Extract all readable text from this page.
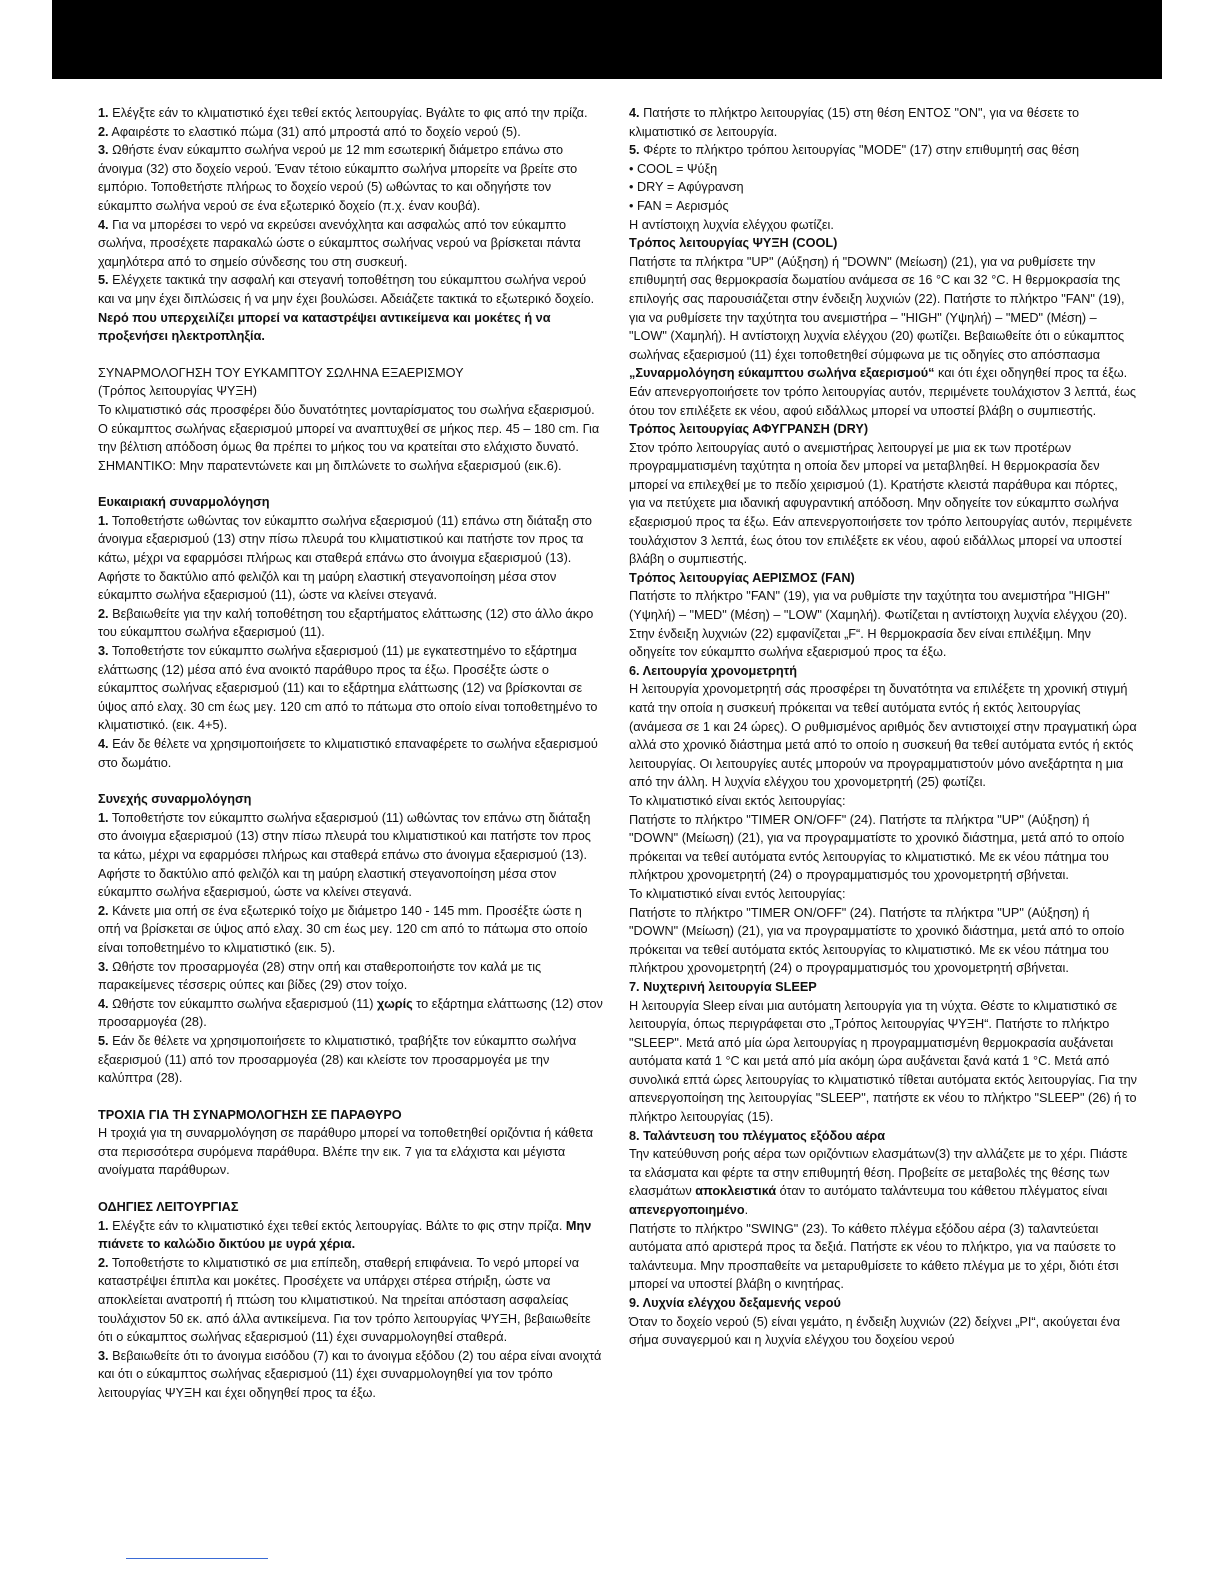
1. Ελέγξτε εάν το κλιματιστικό έχει τεθεί εκτός λειτουργίας. Βγάλτε το φις από την πρίζα.

2. Αφαιρέστε το ελαστικό πώμα (31) από μπροστά από το δοχείο νερού (5).

3. Ωθήστε έναν εύκαμπτο σωλήνα νερού με 12 mm εσωτερική διάμετρο επάνω στο άνοιγμα (32) στο δοχείο νερού. Έναν τέτοιο εύκαμπτο σωλήνα μπορείτε να βρείτε στο εμπόριο. Τοποθετήστε πλήρως το δοχείο νερού (5) ωθώντας το και οδηγήστε τον εύκαμπτο σωλήνα νερού σε ένα εξωτερικό δοχείο (π.χ. έναν κουβά).

4. Για να μπορέσει το νερό να εκρεύσει ανενόχλητα και ασφαλώς από τον εύκαμπτο σωλήνα, προσέχετε παρακαλώ ώστε ο εύκαμπτος σωλήνας νερού να βρίσκεται πάντα χαμηλότερα από το σημείο σύνδεσης του στη συσκευή.

5. Ελέγχετε τακτικά την ασφαλή και στεγανή τοποθέτηση του εύκαμπτου σωλήνα νερού και να μην έχει διπλώσεις ή να μην έχει βουλώσει. Αδειάζετε τακτικά το εξωτερικό δοχείο. Νερό που υπερχειλίζει μπορεί να καταστρέψει αντικείμενα και μοκέτες ή να προξενήσει ηλεκτροπληξία.

ΣΥΝΑΡΜΟΛΟΓΗΣΗ ΤΟΥ ΕΥΚΑΜΠΤΟΥ ΣΩΛΗΝΑ ΕΞΑΕΡΙΣΜΟΥ

(Τρόπος λειτουργίας ΨΥΞΗ)

Το κλιματιστικό σάς προσφέρει δύο δυνατότητες μονταρίσματος του σωλήνα εξαερισμού. Ο εύκαμπτος σωλήνας εξαερισμού μπορεί να αναπτυχθεί σε μήκος περ. 45 – 180 cm. Για την βέλτιση απόδοση όμως θα πρέπει το μήκος του να κρατείται στο ελάχιστο δυνατό. ΣΗΜΑΝΤΙΚΟ: Μην παρατεντώνετε και μη διπλώνετε το σωλήνα εξαερισμού (εικ.6).

Ευκαιριακή συναρμολόγηση

1. Τοποθετήστε ωθώντας τον εύκαμπτο σωλήνα εξαερισμού (11) επάνω στη διάταξη στο άνοιγμα εξαερισμού (13) στην πίσω πλευρά του κλιματιστικού και πατήστε τον προς τα κάτω, μέχρι να εφαρμόσει πλήρως και σταθερά επάνω στο άνοιγμα εξαερισμού (13). Αφήστε το δακτύλιο από φελιζόλ και τη μαύρη ελαστική στεγανοποίηση μέσα στον εύκαμπτο σωλήνα εξαερισμού (11), ώστε να κλείνει στεγανά.

2. Βεβαιωθείτε για την καλή τοποθέτηση του εξαρτήματος ελάττωσης (12) στο άλλο άκρο του εύκαμπτου σωλήνα εξαερισμού (11).

3. Τοποθετήστε τον εύκαμπτο σωλήνα εξαερισμού (11) με εγκατεστημένο το εξάρτημα ελάττωσης (12) μέσα από ένα ανοικτό παράθυρο προς τα έξω. Προσέξτε ώστε ο εύκαμπτος σωλήνας εξαερισμού (11) και το εξάρτημα ελάττωσης (12) να βρίσκονται σε ύψος από ελαχ. 30 cm έως μεγ. 120 cm από το πάτωμα στο οποίο είναι τοποθετημένο το κλιματιστικό. (εικ. 4+5).

4. Εάν δε θέλετε να χρησιμοποιήσετε το κλιματιστικό επαναφέρετε το σωλήνα εξαερισμού στο δωμάτιο.

Συνεχής συναρμολόγηση

1. Τοποθετήστε τον εύκαμπτο σωλήνα εξαερισμού (11) ωθώντας τον επάνω στη διάταξη στο άνοιγμα εξαερισμού (13) στην πίσω πλευρά του κλιματιστικού και πατήστε τον προς τα κάτω, μέχρι να εφαρμόσει πλήρως και σταθερά επάνω στο άνοιγμα εξαερισμού (13). Αφήστε το δακτύλιο από φελιζόλ και τη μαύρη ελαστική στεγανοποίηση μέσα στον εύκαμπτο σωλήνα εξαερισμού, ώστε να κλείνει στεγανά.

2. Κάνετε μια οπή σε ένα εξωτερικό τοίχο με διάμετρο 140 - 145 mm. Προσέξτε ώστε η οπή να βρίσκεται σε ύψος από ελαχ. 30 cm έως μεγ. 120 cm από το πάτωμα στο οποίο είναι τοποθετημένο το κλιματιστικό (εικ. 5).

3. Ωθήστε τον προσαρμογέα (28) στην οπή και σταθεροποιήστε τον καλά με τις παρακείμενες τέσσερις ούπες και βίδες (29) στον τοίχο.

4. Ωθήστε τον εύκαμπτο σωλήνα εξαερισμού (11) χωρίς το εξάρτημα ελάττωσης (12) στον προσαρμογέα (28).

5. Εάν δε θέλετε να χρησιμοποιήσετε το κλιματιστικό, τραβήξτε τον εύκαμπτο σωλήνα εξαερισμού (11) από τον προσαρμογέα (28) και κλείστε τον προσαρμογέα με την καλύπτρα (28).

ΤΡΟΧΙΑ ΓΙΑ ΤΗ ΣΥΝΑΡΜΟΛΟΓΗΣΗ ΣΕ ΠΑΡΑΘΥΡΟ

Η τροχιά για τη συναρμολόγηση σε παράθυρο μπορεί να τοποθετηθεί οριζόντια ή κάθετα στα περισσότερα συρόμενα παράθυρα. Βλέπε την εικ. 7 για τα ελάχιστα και μέγιστα ανοίγματα παράθυρων.

ΟΔΗΓΙΕΣ ΛΕΙΤΟΥΡΓΙΑΣ

1. Ελέγξτε εάν το κλιματιστικό έχει τεθεί εκτός λειτουργίας. Βάλτε το φις στην πρίζα. Μην πιάνετε το καλώδιο δικτύου με υγρά χέρια.

2. Τοποθετήστε το κλιματιστικό σε μια επίπεδη, σταθερή επιφάνεια. Το νερό μπορεί να καταστρέψει έπιπλα και μοκέτες. Προσέχετε να υπάρχει στέρεα στήριξη, ώστε να αποκλείεται ανατροπή ή πτώση του κλιματιστικού. Να τηρείται απόσταση ασφαλείας τουλάχιστον 50 εκ. από άλλα αντικείμενα. Για τον τρόπο λειτουργίας ΨΥΞΗ, βεβαιωθείτε ότι ο εύκαμπτος σωλήνας εξαερισμού (11) έχει συναρμολογηθεί σταθερά.

3. Βεβαιωθείτε ότι το άνοιγμα εισόδου (7) και το άνοιγμα εξόδου (2) του αέρα είναι ανοιχτά και ότι ο εύκαμπτος σωλήνας εξαερισμού (11) έχει συναρμολογηθεί για τον τρόπο λειτουργίας ΨΥΞΗ και έχει οδηγηθεί προς τα έξω.

4. Πατήστε το πλήκτρο λειτουργίας (15) στη θέση ΕΝΤΟΣ "ON", για να θέσετε το κλιματιστικό σε λειτουργία.

5. Φέρτε το πλήκτρο τρόπου λειτουργίας "MODE" (17) στην επιθυμητή σας θέση

• COOL = Ψύξη

• DRY = Αφύγρανση

• FAN = Αερισμός

Η αντίστοιχη λυχνία ελέγχου φωτίζει.

Τρόπος λειτουργίας ΨΥΞΗ (COOL)

Πατήστε τα πλήκτρα "UP" (Αύξηση) ή "DOWN" (Μείωση) (21), για να ρυθμίσετε την επιθυμητή σας θερμοκρασία δωματίου ανάμεσα σε 16 °C και 32 °C. Η θερμοκρασία της επιλογής σας παρουσιάζεται στην ένδειξη λυχνιών (22). Πατήστε το πλήκτρο "FAN" (19), για να ρυθμίσετε την ταχύτητα του ανεμιστήρα – "HIGH" (Υψηλή) – "MED" (Μέση) – "LOW" (Χαμηλή). Η αντίστοιχη λυχνία ελέγχου (20) φωτίζει. Βεβαιωθείτε ότι ο εύκαμπτος σωλήνας εξαερισμού (11) έχει τοποθετηθεί σύμφωνα με τις οδηγίες στο απόσπασμα „Συναρμολόγηση εύκαμπτου σωλήνα εξαερισμού“ και ότι έχει οδηγηθεί προς τα έξω. Εάν απενεργοποιήσετε τον τρόπο λειτουργίας αυτόν, περιμένετε τουλάχιστον 3 λεπτά, έως ότου τον επιλέξετε εκ νέου, αφού ειδάλλως μπορεί να υποστεί βλάβη ο συμπιεστής.

Τρόπος λειτουργίας ΑΦΥΓΡΑΝΣΗ (DRY)

Στον τρόπο λειτουργίας αυτό ο ανεμιστήρας λειτουργεί με μια εκ των προτέρων προγραμματισμένη ταχύτητα η οποία δεν μπορεί να μεταβληθεί. Η θερμοκρασία δεν μπορεί να επιλεχθεί με το πεδίο χειρισμού (1). Κρατήστε κλειστά παράθυρα και πόρτες, για να πετύχετε μια ιδανική αφυγραντική απόδοση. Μην οδηγείτε τον εύκαμπτο σωλήνα εξαερισμού προς τα έξω. Εάν απενεργοποιήσετε τον τρόπο λειτουργίας αυτόν, περιμένετε τουλάχιστον 3 λεπτά, έως ότου τον επιλέξετε εκ νέου, αφού ειδάλλως μπορεί να υποστεί βλάβη ο συμπιεστής.

Τρόπος λειτουργίας ΑΕΡΙΣΜΟΣ (FAN)

Πατήστε το πλήκτρο "FAN" (19), για να ρυθμίστε την ταχύτητα του ανεμιστήρα "HIGH" (Υψηλή) – "MED" (Μέση) – "LOW" (Χαμηλή). Φωτίζεται η αντίστοιχη λυχνία ελέγχου (20). Στην ένδειξη λυχνιών (22) εμφανίζεται „F“. Η θερμοκρασία δεν είναι επιλέξιμη. Μην οδηγείτε τον εύκαμπτο σωλήνα εξαερισμού προς τα έξω.

6. Λειτουργία χρονομετρητή

Η λειτουργία χρονομετρητή σάς προσφέρει τη δυνατότητα να επιλέξετε τη χρονική στιγμή κατά την οποία η συσκευή πρόκειται να τεθεί αυτόματα εντός ή εκτός λειτουργίας (ανάμεσα σε 1 και 24 ώρες). Ο ρυθμισμένος αριθμός δεν αντιστοιχεί στην πραγματική ώρα αλλά στο χρονικό διάστημα μετά από το οποίο η συσκευή θα τεθεί αυτόματα εντός ή εκτός λειτουργίας. Οι λειτουργίες αυτές μπορούν να προγραμματιστούν μόνο ανεξάρτητα η μια από την άλλη. Η λυχνία ελέγχου του χρονομετρητή (25) φωτίζει.

Το κλιματιστικό είναι εκτός λειτουργίας:

Πατήστε το πλήκτρο "TIMER ON/OFF" (24). Πατήστε τα πλήκτρα "UP" (Αύξηση) ή "DOWN" (Μείωση) (21), για να προγραμματίστε το χρονικό διάστημα, μετά από το οποίο πρόκειται να τεθεί αυτόματα εντός λειτουργίας το κλιματιστικό. Με εκ νέου πάτημα του πλήκτρου χρονομετρητή (24) ο προγραμματισμός του χρονομετρητή σβήνεται.

Το κλιματιστικό είναι εντός λειτουργίας:

Πατήστε το πλήκτρο "TIMER ON/OFF" (24). Πατήστε τα πλήκτρα "UP" (Αύξηση) ή "DOWN" (Μείωση) (21), για να προγραμματίστε το χρονικό διάστημα, μετά από το οποίο πρόκειται να τεθεί αυτόματα εκτός λειτουργίας το κλιματιστικό. Με εκ νέου πάτημα του πλήκτρου χρονομετρητή (24) ο προγραμματισμός του χρονομετρητή σβήνεται.

7. Νυχτερινή λειτουργία SLEEP

Η λειτουργία Sleep είναι μια αυτόματη λειτουργία για τη νύχτα. Θέστε το κλιματιστικό σε λειτουργία, όπως περιγράφεται στο „Τρόπος λειτουργίας ΨΥΞΗ“. Πατήστε το πλήκτρο "SLEEP". Μετά από μία ώρα λειτουργίας η προγραμματισμένη θερμοκρασία αυξάνεται αυτόματα κατά 1 °C και μετά από μία ακόμη ώρα αυξάνεται ξανά κατά 1 °C. Μετά από συνολικά επτά ώρες λειτουργίας το κλιματιστικό τίθεται αυτόματα εκτός λειτουργίας. Για την απενεργοποίηση της λειτουργίας "SLEEP", πατήστε εκ νέου το πλήκτρο "SLEEP" (26) ή το πλήκτρο λειτουργίας (15).

8. Ταλάντευση του πλέγματος εξόδου αέρα

Την κατεύθυνση ροής αέρα των οριζόντιων ελασμάτων(3) την αλλάζετε με το χέρι. Πιάστε τα ελάσματα και φέρτε τα στην επιθυμητή θέση. Προβείτε σε μεταβολές της θέσης των ελασμάτων αποκλειστικά όταν το αυτόματο ταλάντευμα του κάθετου πλέγματος είναι απενεργοποιημένο.

Πατήστε το πλήκτρο "SWING" (23). Το κάθετο πλέγμα εξόδου αέρα (3) ταλαντεύεται αυτόματα από αριστερά προς τα δεξιά. Πατήστε εκ νέου το πλήκτρο, για να παύσετε το ταλάντευμα. Μην προσπαθείτε να μεταρυθμίσετε το κάθετο πλέγμα με το χέρι, διότι έτσι μπορεί να υποστεί βλάβη ο κινητήρας.

9. Λυχνία ελέγχου δεξαμενής νερού

Όταν το δοχείο νερού (5) είναι γεμάτο, η ένδειξη λυχνιών (22) δείχνει „PI“, ακούγεται ένα σήμα συναγερμού και η λυχνία ελέγχου του δοχείου νερού
